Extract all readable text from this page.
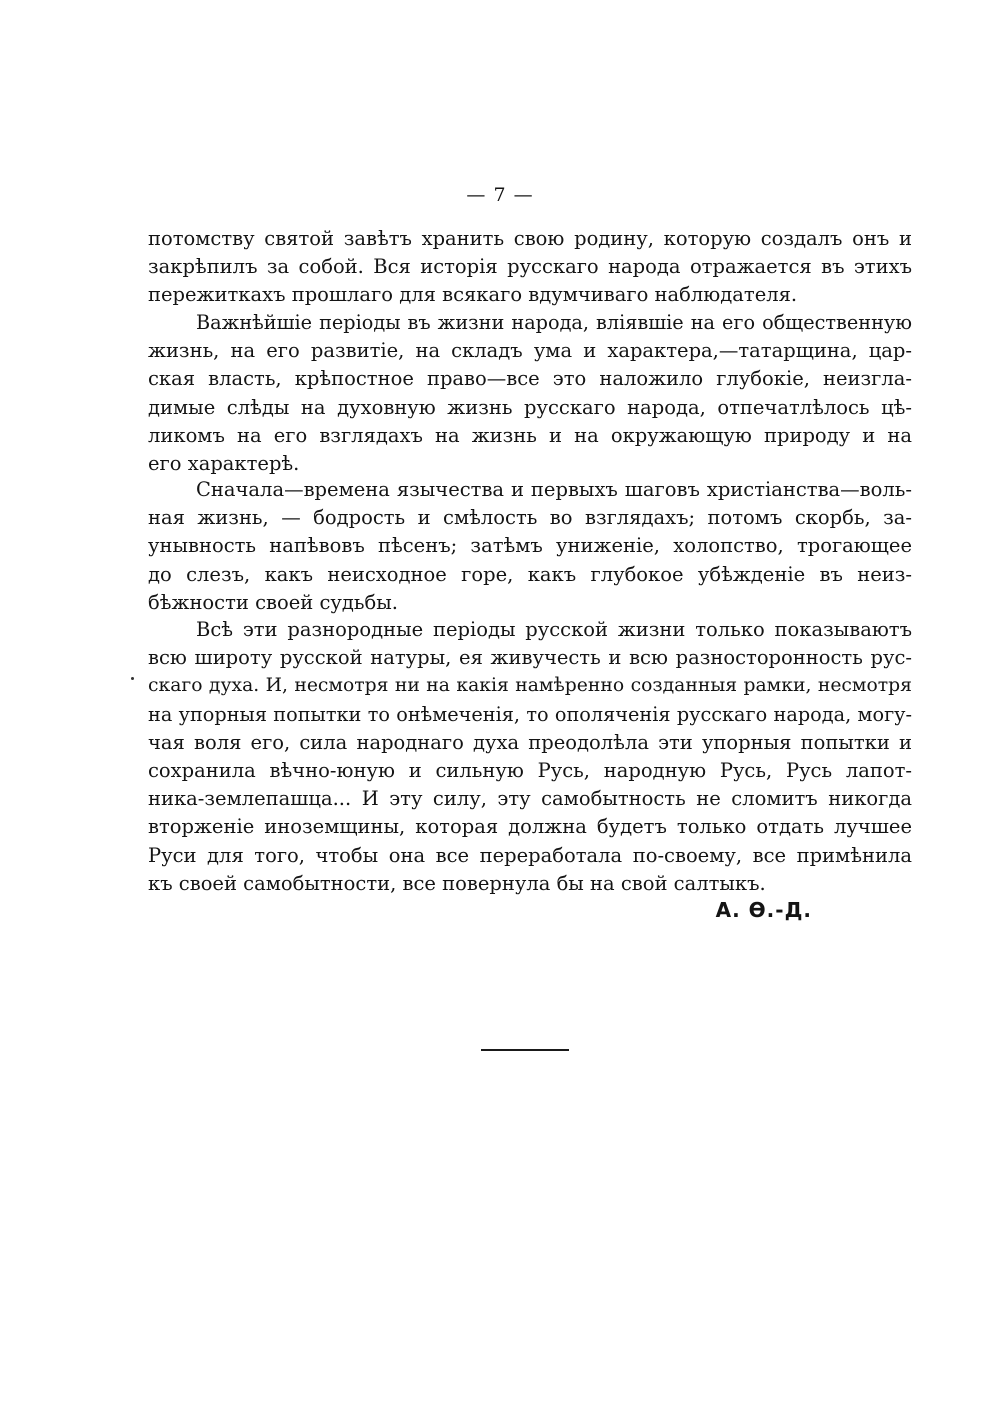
— 7 —
потомству святой завѣтъ хранить свою родину, которую создалъ онъ и
закрѣпилъ за собой. Вся исторія русскаго народа отражается въ этихъ
пережиткахъ прошлаго для всякаго вдумчиваго наблюдателя.
Важнѣйшіе періоды въ жизни народа, вліявшіе на его общественную
жизнь, на его развитіе, на складъ ума и характера,—татарщина, цар-
ская власть, крѣпостное право—все это наложило глубокіе, неизгла-
димые слѣды на духовную жизнь русскаго народа, отпечатлѣлось цѣ-
ликомъ на его взглядахъ на жизнь и на окружающую природу и на
его характерѣ.
Сначала—времена язычества и первыхъ шаговъ христіанства—воль-
ная жизнь, — бодрость и смѣлость во взглядахъ; потомъ скорбь, за-
унывность напѣвовъ пѣсенъ; затѣмъ униженіе, холопство, трогающее
до слезъ, какъ неисходное горе, какъ глубокое убѣжденіе въ неиз-
бѣжности своей судьбы.
Всѣ эти разнородные періоды русской жизни только показываютъ
всю широту русской натуры, ея живучесть и всю разносторонность рус-
скаго духа. И, несмотря ни на какія намѣренно созданныя рамки, несмотря
на упорныя попытки то онѣмеченія, то ополяченія русскаго народа, могу-
чая воля его, сила народнаго духа преодолѣла эти упорныя попытки и
сохранила вѣчно-юную и сильную Русь, народную Русь, Русь лапот-
ника-землепашца... И эту силу, эту самобытность не сломитъ никогда
вторженіе иноземщины, которая должна будетъ только отдать лучшее
Руси для того, чтобы она все переработала по-своему, все примѣнила
къ своей самобытности, все повернула бы на свой салтыкъ.
А. Ѳ.-Д.
